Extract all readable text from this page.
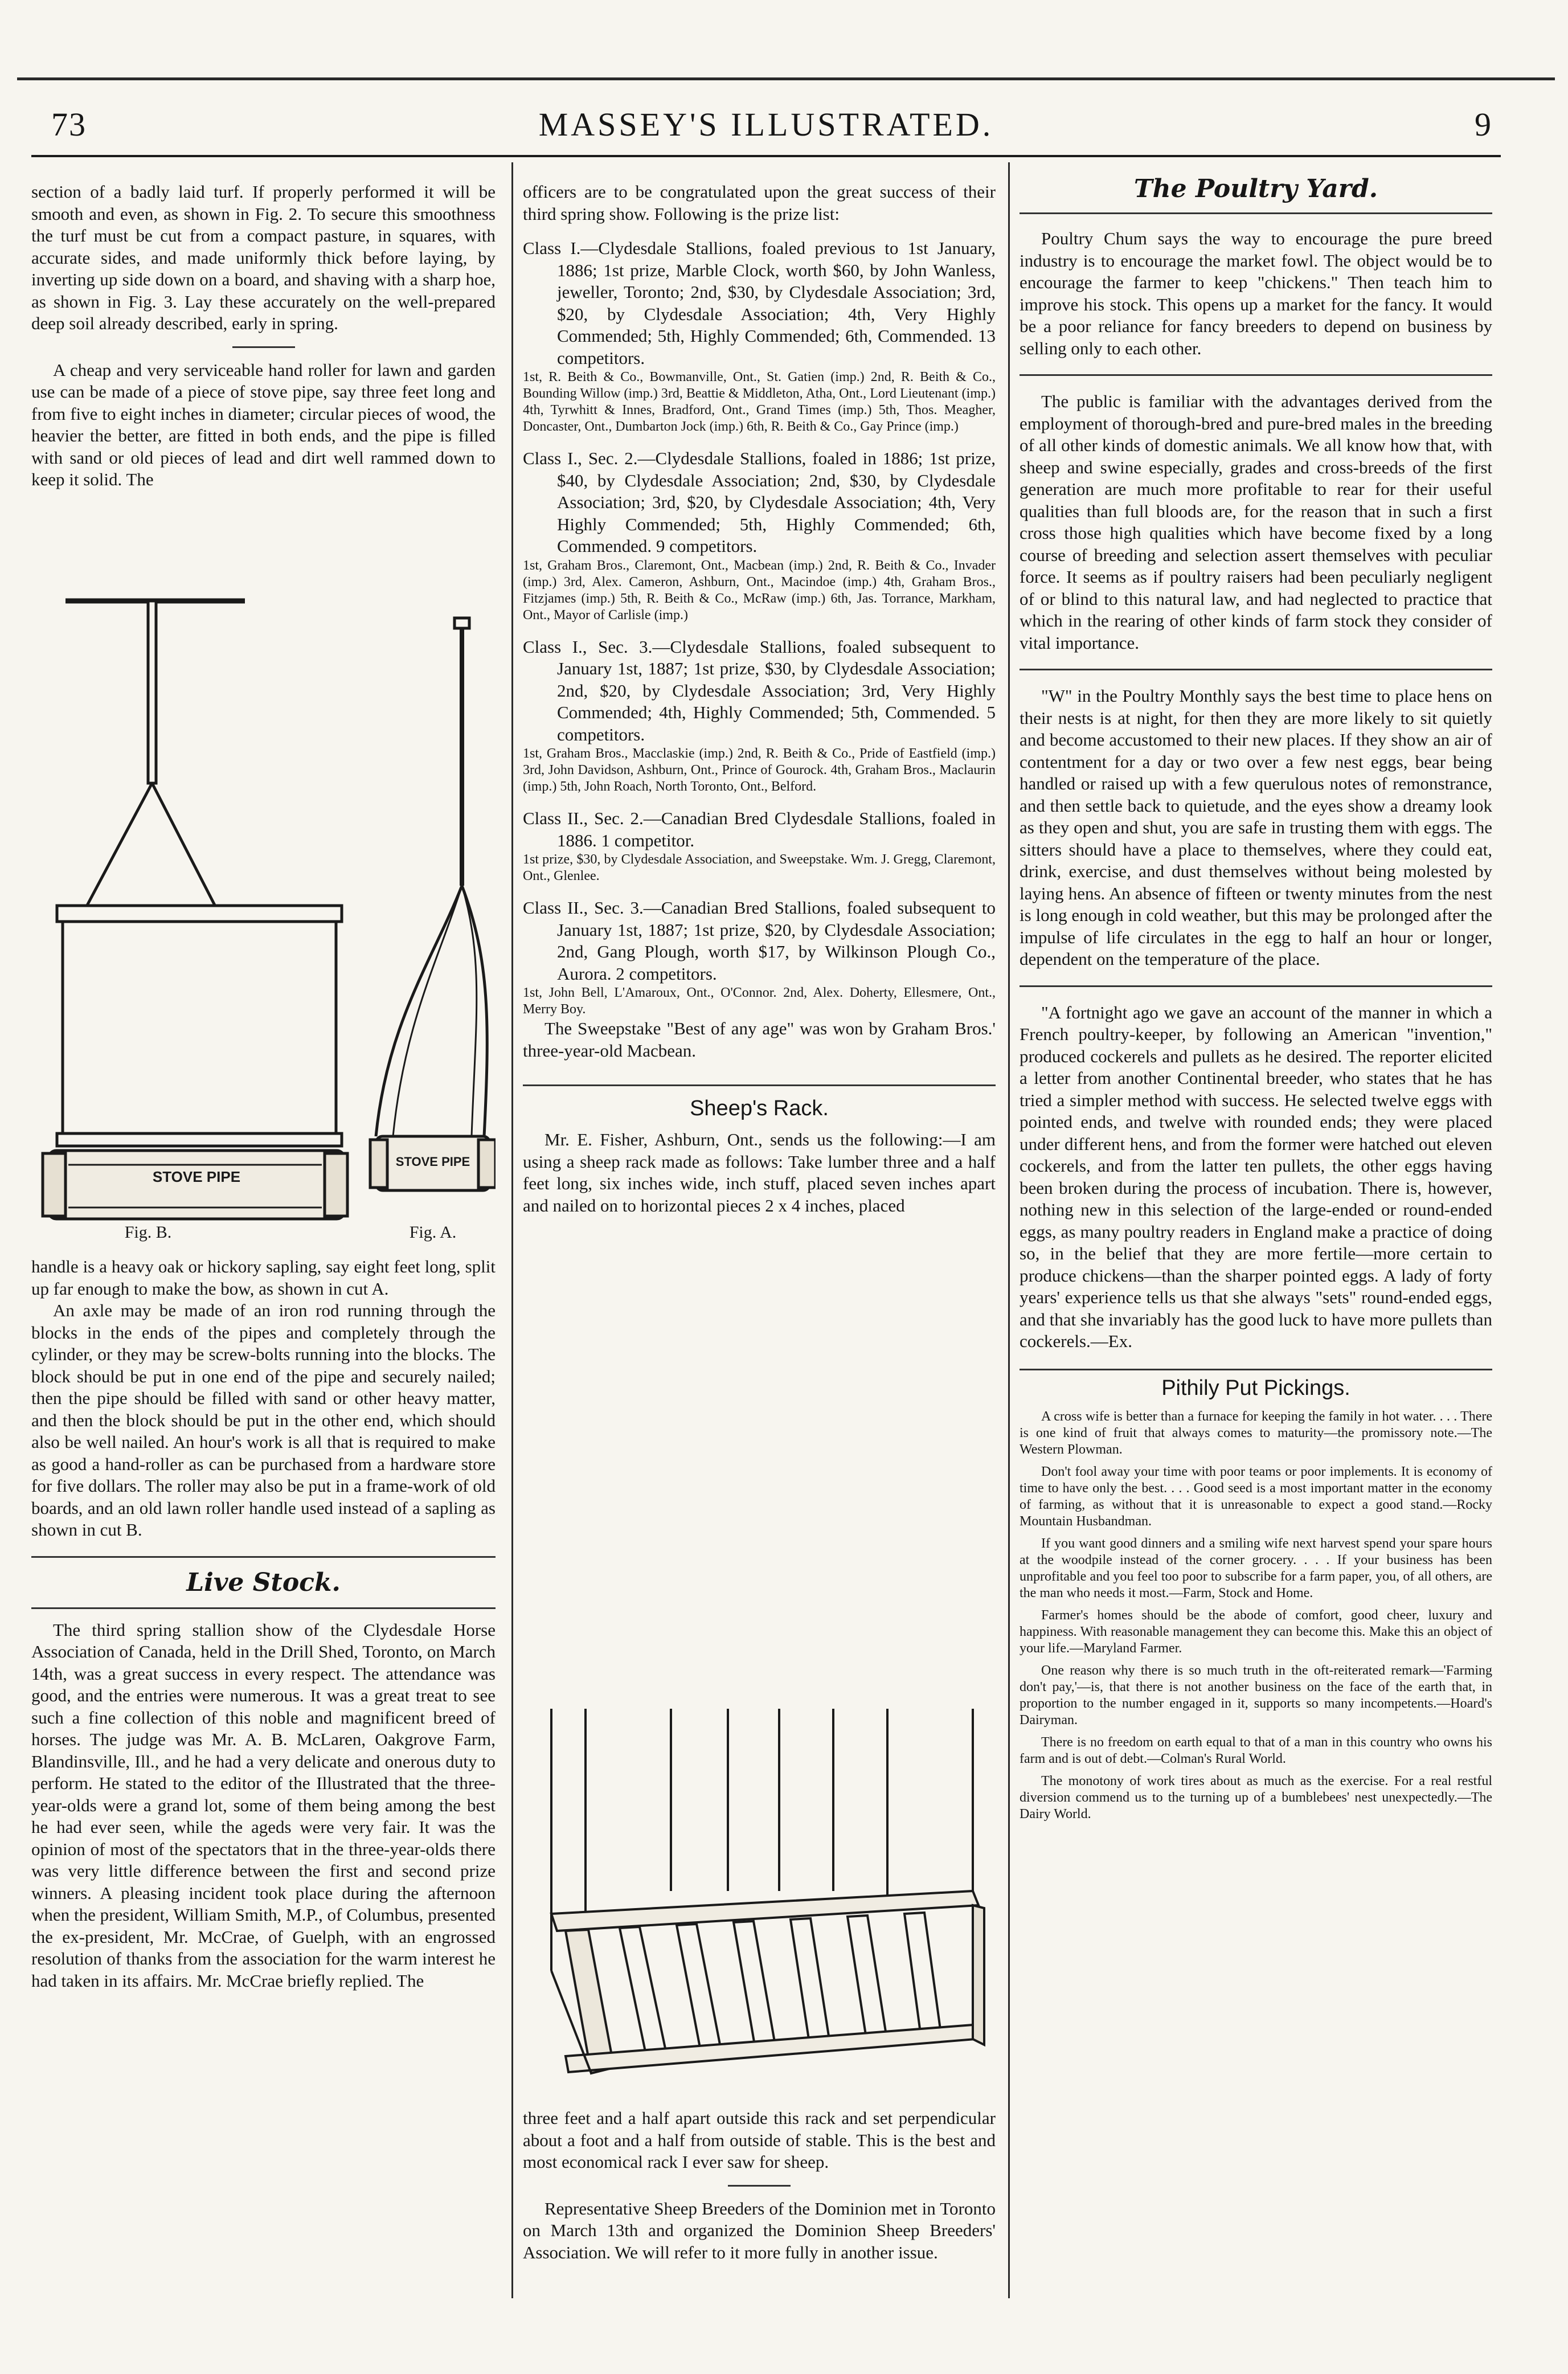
73	MASSEY'S ILLUSTRATED.	9

section of a badly laid turf. If properly performed it will be smooth and even, as shown in Fig. 2. To secure this smoothness the turf must be cut from a compact pasture, in squares, with accurate sides, and made uniformly thick before laying, by inverting up side down on a board, and shaving with a sharp hoe, as shown in Fig. 3. Lay these accurately on the well-prepared deep soil already described, early in spring.

A cheap and very serviceable hand roller for lawn and garden use can be made of a piece of stove pipe, say three feet long and from five to eight inches in diameter; circular pieces of wood, the heavier the better, are fitted in both ends, and the pipe is filled with sand or old pieces of lead and dirt well rammed down to keep it solid. The

STOVE PIPE
STOVE PIPE
Fig. B.	Fig. A.

handle is a heavy oak or hickory sapling, say eight feet long, split up far enough to make the bow, as shown in cut A.

An axle may be made of an iron rod running through the blocks in the ends of the pipes and completely through the cylinder, or they may be screw-bolts running into the blocks. The block should be put in one end of the pipe and securely nailed; then the pipe should be filled with sand or other heavy matter, and then the block should be put in the other end, which should also be well nailed. An hour's work is all that is required to make as good a hand-roller as can be purchased from a hardware store for five dollars. The roller may also be put in a frame-work of old boards, and an old lawn roller handle used instead of a sapling as shown in cut B.

Live Stock.

The third spring stallion show of the Clydesdale Horse Association of Canada, held in the Drill Shed, Toronto, on March 14th, was a great success in every respect. The attendance was good, and the entries were numerous. It was a great treat to see such a fine collection of this noble and magnificent breed of horses. The judge was Mr. A. B. McLaren, Oakgrove Farm, Blandinsville, Ill., and he had a very delicate and onerous duty to perform. He stated to the editor of the Illustrated that the three-year-olds were a grand lot, some of them being among the best he had ever seen, while the ageds were very fair. It was the opinion of most of the spectators that in the three-year-olds there was very little difference between the first and second prize winners. A pleasing incident took place during the afternoon when the president, William Smith, M.P., of Columbus, presented the ex-president, Mr. McCrae, of Guelph, with an engrossed resolution of thanks from the association for the warm interest he had taken in its affairs. Mr. McCrae briefly replied. The

officers are to be congratulated upon the great success of their third spring show. Following is the prize list:

Class I.—Clydesdale Stallions, foaled previous to 1st January, 1886; 1st prize, Marble Clock, worth $60, by John Wanless, jeweller, Toronto; 2nd, $30, by Clydesdale Association; 3rd, $20, by Clydesdale Association; 4th, Very Highly Commended; 5th, Highly Commended; 6th, Commended. 13 competitors.

1st, R. Beith & Co., Bowmanville, Ont., St. Gatien (imp.) 2nd, R. Beith & Co., Bounding Willow (imp.) 3rd, Beattie & Middleton, Atha, Ont., Lord Lieutenant (imp.) 4th, Tyrwhitt & Innes, Bradford, Ont., Grand Times (imp.) 5th, Thos. Meagher, Doncaster, Ont., Dumbarton Jock (imp.) 6th, R. Beith & Co., Gay Prince (imp.)

Class I., Sec. 2.—Clydesdale Stallions, foaled in 1886; 1st prize, $40, by Clydesdale Association; 2nd, $30, by Clydesdale Association; 3rd, $20, by Clydesdale Association; 4th, Very Highly Commended; 5th, Highly Commended; 6th, Commended. 9 competitors.

1st, Graham Bros., Claremont, Ont., Macbean (imp.) 2nd, R. Beith & Co., Invader (imp.) 3rd, Alex. Cameron, Ashburn, Ont., Macindoe (imp.) 4th, Graham Bros., Fitzjames (imp.) 5th, R. Beith & Co., McRaw (imp.) 6th, Jas. Torrance, Markham, Ont., Mayor of Carlisle (imp.)

Class I., Sec. 3.—Clydesdale Stallions, foaled subsequent to January 1st, 1887; 1st prize, $30, by Clydesdale Association; 2nd, $20, by Clydesdale Association; 3rd, Very Highly Commended; 4th, Highly Commended; 5th, Commended. 5 competitors.

1st, Graham Bros., Macclaskie (imp.) 2nd, R. Beith & Co., Pride of Eastfield (imp.) 3rd, John Davidson, Ashburn, Ont., Prince of Gourock. 4th, Graham Bros., Maclaurin (imp.) 5th, John Roach, North Toronto, Ont., Belford.

Class II., Sec. 2.—Canadian Bred Clydesdale Stallions, foaled in 1886. 1 competitor.

1st prize, $30, by Clydesdale Association, and Sweepstake. Wm. J. Gregg, Claremont, Ont., Glenlee.

Class II., Sec. 3.—Canadian Bred Stallions, foaled subsequent to January 1st, 1887; 1st prize, $20, by Clydesdale Association; 2nd, Gang Plough, worth $17, by Wilkinson Plough Co., Aurora. 2 competitors.

1st, John Bell, L'Amaroux, Ont., O'Connor. 2nd, Alex. Doherty, Ellesmere, Ont., Merry Boy.

The Sweepstake "Best of any age" was won by Graham Bros.' three-year-old Macbean.

Sheep's Rack.

Mr. E. Fisher, Ashburn, Ont., sends us the following:—I am using a sheep rack made as follows: Take lumber three and a half feet long, six inches wide, inch stuff, placed seven inches apart and nailed on to horizontal pieces 2 x 4 inches, placed

three feet and a half apart outside this rack and set perpendicular about a foot and a half from outside of stable. This is the best and most economical rack I ever saw for sheep.

Representative Sheep Breeders of the Dominion met in Toronto on March 13th and organized the Dominion Sheep Breeders' Association. We will refer to it more fully in another issue.

The Poultry Yard.

Poultry Chum says the way to encourage the pure breed industry is to encourage the market fowl. The object would be to encourage the farmer to keep "chickens." Then teach him to improve his stock. This opens up a market for the fancy. It would be a poor reliance for fancy breeders to depend on business by selling only to each other.

The public is familiar with the advantages derived from the employment of thorough-bred and pure-bred males in the breeding of all other kinds of domestic animals. We all know how that, with sheep and swine especially, grades and cross-breeds of the first generation are much more profitable to rear for their useful qualities than full bloods are, for the reason that in such a first cross those high qualities which have become fixed by a long course of breeding and selection assert themselves with peculiar force. It seems as if poultry raisers had been peculiarly negligent of or blind to this natural law, and had neglected to practice that which in the rearing of other kinds of farm stock they consider of vital importance.

"W" in the Poultry Monthly says the best time to place hens on their nests is at night, for then they are more likely to sit quietly and become accustomed to their new places. If they show an air of contentment for a day or two over a few nest eggs, bear being handled or raised up with a few querulous notes of remonstrance, and then settle back to quietude, and the eyes show a dreamy look as they open and shut, you are safe in trusting them with eggs. The sitters should have a place to themselves, where they could eat, drink, exercise, and dust themselves without being molested by laying hens. An absence of fifteen or twenty minutes from the nest is long enough in cold weather, but this may be prolonged after the impulse of life circulates in the egg to half an hour or longer, dependent on the temperature of the place.

"A fortnight ago we gave an account of the manner in which a French poultry-keeper, by following an American "invention," produced cockerels and pullets as he desired. The reporter elicited a letter from another Continental breeder, who states that he has tried a simpler method with success. He selected twelve eggs with pointed ends, and twelve with rounded ends; they were placed under different hens, and from the former were hatched out eleven cockerels, and from the latter ten pullets, the other eggs having been broken during the process of incubation. There is, however, nothing new in this selection of the large-ended or round-ended eggs, as many poultry readers in England make a practice of doing so, in the belief that they are more fertile—more certain to produce chickens—than the sharper pointed eggs. A lady of forty years' experience tells us that she always "sets" round-ended eggs, and that she invariably has the good luck to have more pullets than cockerels.—Ex.

Pithily Put Pickings.

A cross wife is better than a furnace for keeping the family in hot water. . . . There is one kind of fruit that always comes to maturity—the promissory note.—The Western Plowman.

Don't fool away your time with poor teams or poor implements. It is economy of time to have only the best. . . . Good seed is a most important matter in the economy of farming, as without that it is unreasonable to expect a good stand.—Rocky Mountain Husbandman.

If you want good dinners and a smiling wife next harvest spend your spare hours at the woodpile instead of the corner grocery. . . . If your business has been unprofitable and you feel too poor to subscribe for a farm paper, you, of all others, are the man who needs it most.—Farm, Stock and Home.

Farmer's homes should be the abode of comfort, good cheer, luxury and happiness. With reasonable management they can become this. Make this an object of your life.—Maryland Farmer.

One reason why there is so much truth in the oft-reiterated remark—'Farming don't pay,'—is, that there is not another business on the face of the earth that, in proportion to the number engaged in it, supports so many incompetents.—Hoard's Dairyman.

There is no freedom on earth equal to that of a man in this country who owns his farm and is out of debt.—Colman's Rural World.

The monotony of work tires about as much as the exercise. For a real restful diversion commend us to the turning up of a bumblebees' nest unexpectedly.—The Dairy World.
